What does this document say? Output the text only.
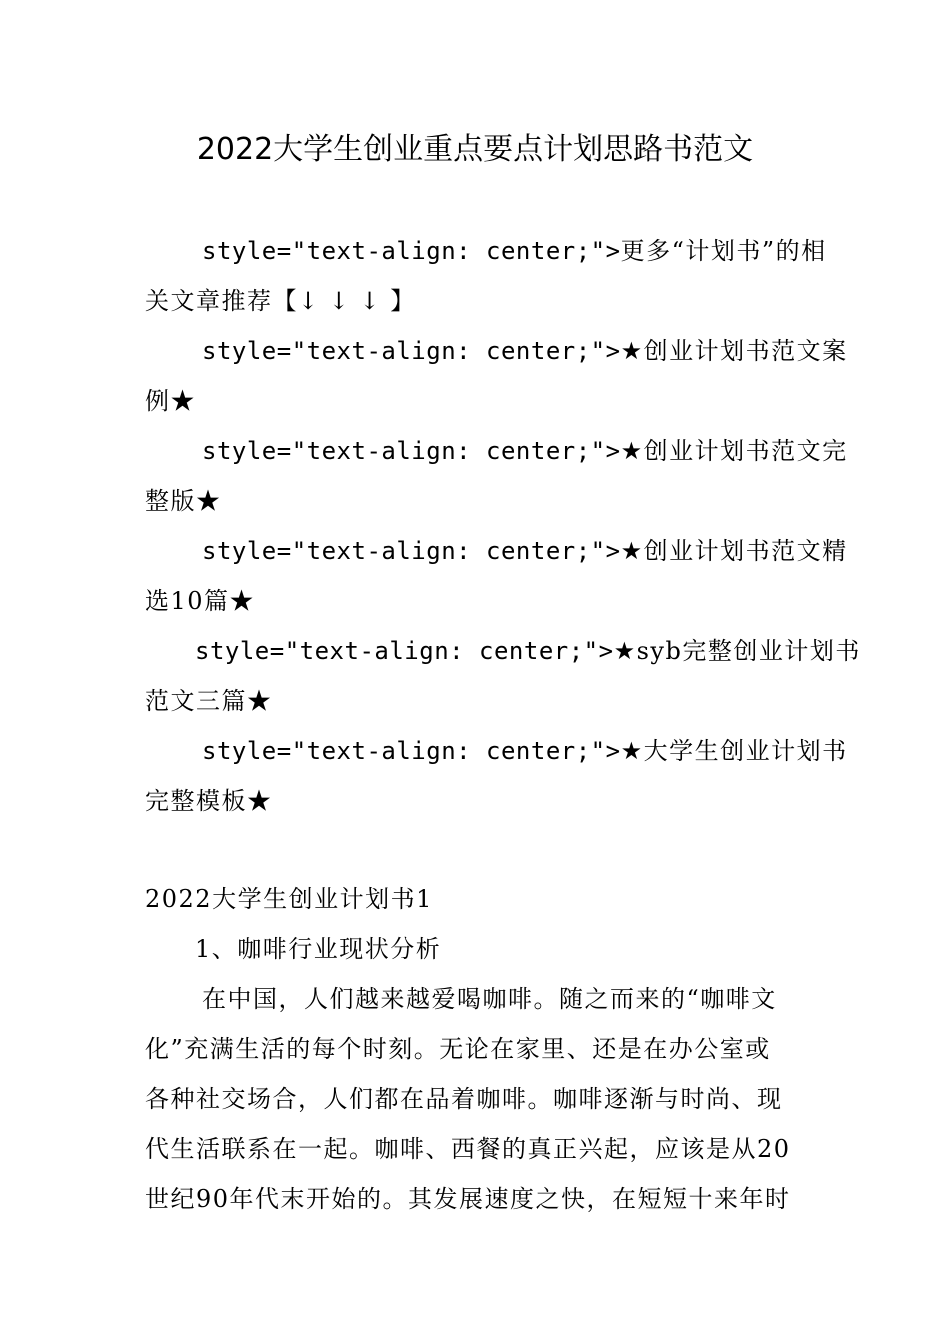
2022大学生创业重点要点计划思路书范文
style="text-align: center;">更多“计划书”的相
关文章推荐【↓ ↓ ↓ 】
style="text-align: center;">★创业计划书范文案
例★
style="text-align: center;">★创业计划书范文完
整版★
style="text-align: center;">★创业计划书范文精
选10篇★
style="text-align: center;">★syb完整创业计划书
范文三篇★
style="text-align: center;">★大学生创业计划书
完整模板★
2022大学生创业计划书1
1、咖啡行业现状分析
在中国，人们越来越爱喝咖啡。随之而来的“咖啡文
化”充满生活的每个时刻。无论在家里、还是在办公室或
各种社交场合，人们都在品着咖啡。咖啡逐渐与时尚、现
代生活联系在一起。咖啡、西餐的真正兴起，应该是从20
世纪90年代末开始的。其发展速度之快，在短短十来年时
